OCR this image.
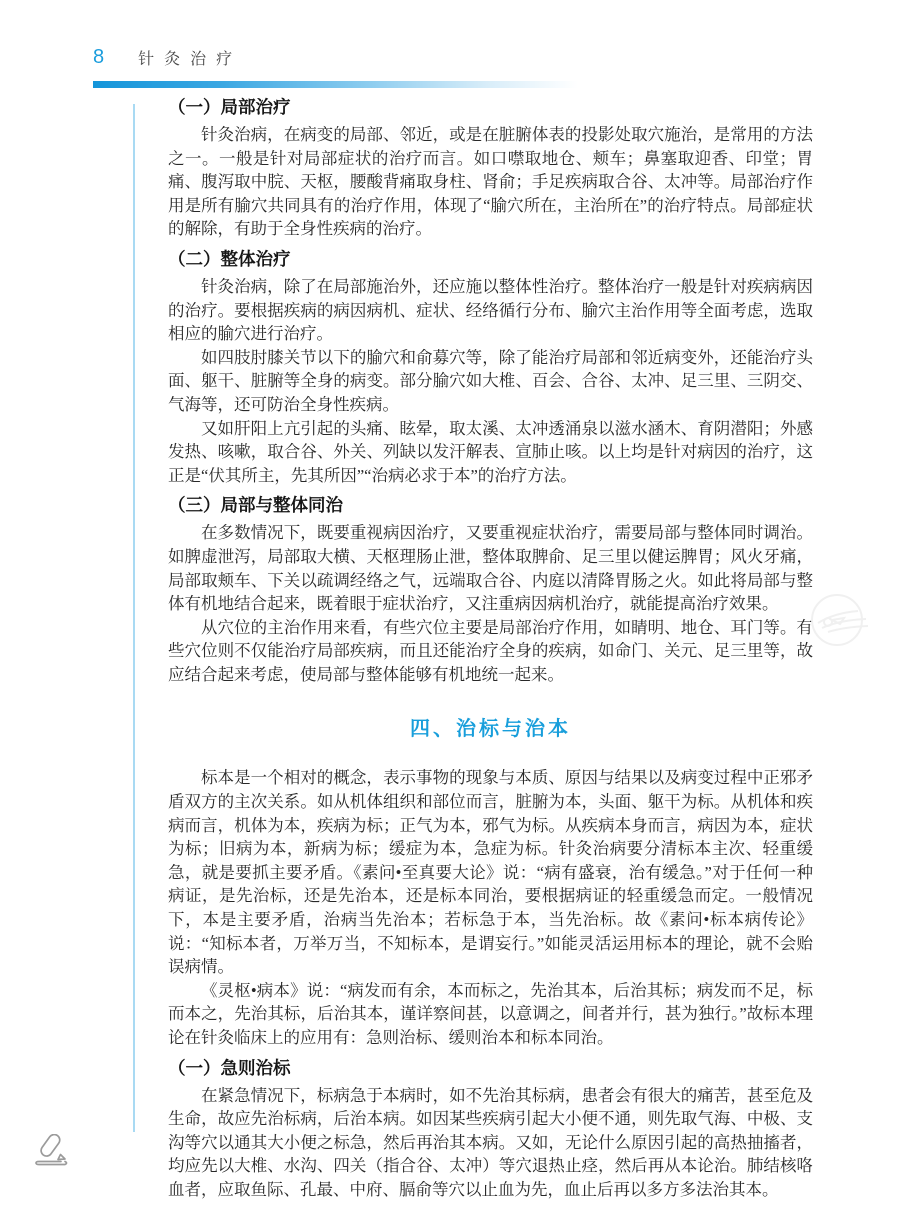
8 针灸治疗
（一）局部治疗

针灸治病，在病变的局部、邻近，或是在脏腑体表的投影处取穴施治，是常用的方法之一。一般是针对局部症状的治疗而言。如口噤取地仓、颊车；鼻塞取迎香、印堂；胃痛、腹泻取中脘、天枢，腰酸背痛取身柱、肾俞；手足疾病取合谷、太冲等。局部治疗作用是所有腧穴共同具有的治疗作用，体现了“腧穴所在，主治所在”的治疗特点。局部症状的解除，有助于全身性疾病的治疗。

（二）整体治疗

针灸治病，除了在局部施治外，还应施以整体性治疗。整体治疗一般是针对疾病病因的治疗。要根据疾病的病因病机、症状、经络循行分布、腧穴主治作用等全面考虑，选取相应的腧穴进行治疗。

如四肢肘膝关节以下的腧穴和俞募穴等，除了能治疗局部和邻近病变外，还能治疗头面、躯干、脏腑等全身的病变。部分腧穴如大椎、百会、合谷、太冲、足三里、三阴交、气海等，还可防治全身性疾病。

又如肝阳上亢引起的头痛、眩晕，取太溪、太冲透涌泉以滋水涵木、育阴潜阳；外感发热、咳嗽，取合谷、外关、列缺以发汗解表、宣肺止咳。以上均是针对病因的治疗，这正是“伏其所主，先其所因”“治病必求于本”的治疗方法。

（三）局部与整体同治

在多数情况下，既要重视病因治疗，又要重视症状治疗，需要局部与整体同时调治。如脾虚泄泻，局部取大横、天枢理肠止泄，整体取脾俞、足三里以健运脾胃；风火牙痛，局部取颊车、下关以疏调经络之气，远端取合谷、内庭以清降胃肠之火。如此将局部与整体有机地结合起来，既着眼于症状治疗，又注重病因病机治疗，就能提高治疗效果。

从穴位的主治作用来看，有些穴位主要是局部治疗作用，如睛明、地仓、耳门等。有些穴位则不仅能治疗局部疾病，而且还能治疗全身的疾病，如命门、关元、足三里等，故应结合起来考虑，使局部与整体能够有机地统一起来。

四、治标与治本

标本是一个相对的概念，表示事物的现象与本质、原因与结果以及病变过程中正邪矛盾双方的主次关系。如从机体组织和部位而言，脏腑为本，头面、躯干为标。从机体和疾病而言，机体为本，疾病为标；正气为本，邪气为标。从疾病本身而言，病因为本，症状为标；旧病为本，新病为标；缓症为本，急症为标。针灸治病要分清标本主次、轻重缓急，就是要抓主要矛盾。《素问•至真要大论》说：“病有盛衰，治有缓急。”对于任何一种病证，是先治标，还是先治本，还是标本同治，要根据病证的轻重缓急而定。一般情况下，本是主要矛盾，治病当先治本；若标急于本，当先治标。故《素问•标本病传论》说：“知标本者，万举万当，不知标本，是谓妄行。”如能灵活运用标本的理论，就不会贻误病情。

《灵枢•病本》说：“病发而有余，本而标之，先治其本，后治其标；病发而不足，标而本之，先治其标，后治其本，谨详察间甚，以意调之，间者并行，甚为独行。”故标本理论在针灸临床上的应用有：急则治标、缓则治本和标本同治。

（一）急则治标

在紧急情况下，标病急于本病时，如不先治其标病，患者会有很大的痛苦，甚至危及生命，故应先治标病，后治本病。如因某些疾病引起大小便不通，则先取气海、中极、支沟等穴以通其大小便之标急，然后再治其本病。又如，无论什么原因引起的高热抽搐者，均应先以大椎、水沟、四关（指合谷、太冲）等穴退热止痉，然后再从本论治。肺结核咯血者，应取鱼际、孔最、中府、膈俞等穴以止血为先，血止后再以多方多法治其本。
